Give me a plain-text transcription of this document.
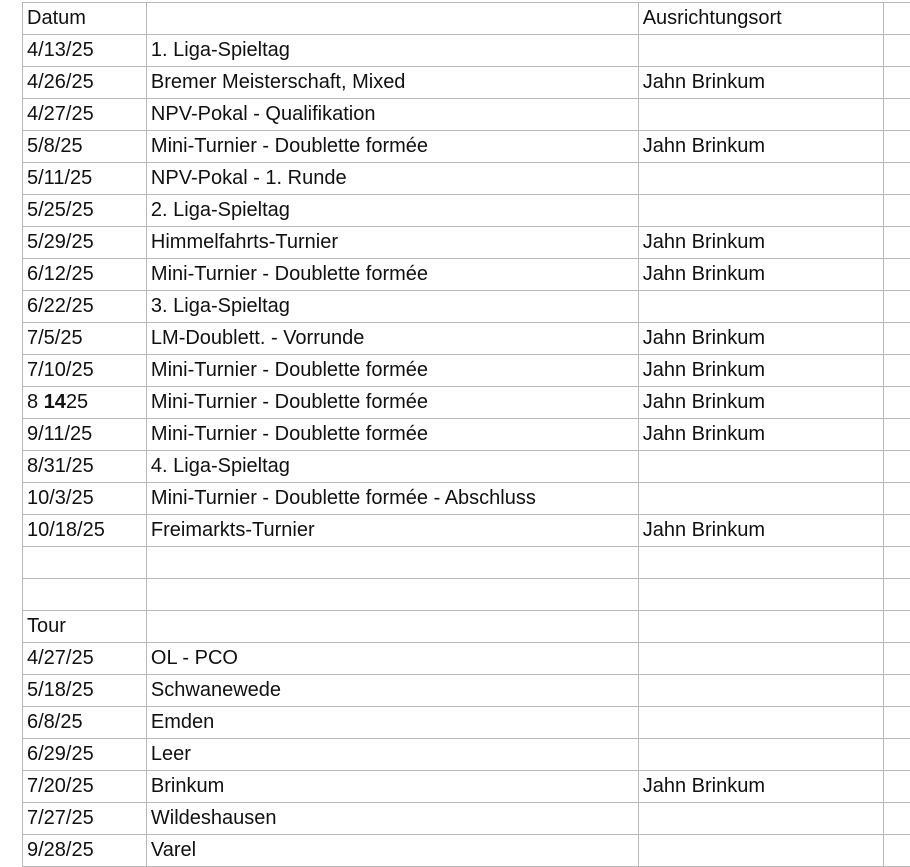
Datum		Ausrichtungsort	
4/13/25	1. Liga-Spieltag		
4/26/25	Bremer Meisterschaft, Mixed	Jahn Brinkum	
4/27/25	NPV-Pokal - Qualifikation		
5/8/25	Mini-Turnier - Doublette formée	Jahn Brinkum	
5/11/25	NPV-Pokal - 1. Runde		
5/25/25	2. Liga-Spieltag		
5/29/25	Himmelfahrts-Turnier	Jahn Brinkum	
6/12/25	Mini-Turnier - Doublette formée	Jahn Brinkum	
6/22/25	3. Liga-Spieltag		
7/5/25	LM-Doublett. - Vorrunde	Jahn Brinkum	
7/10/25	Mini-Turnier - Doublette formée	Jahn Brinkum	
8 1425	Mini-Turnier - Doublette formée	Jahn Brinkum	
9/11/25	Mini-Turnier - Doublette formée	Jahn Brinkum	
8/31/25	4. Liga-Spieltag		
10/3/25	Mini-Turnier - Doublette formée - Abschluss		
10/18/25	Freimarkts-Turnier	Jahn Brinkum	

Tour			
4/27/25	OL - PCO		
5/18/25	Schwanewede		
6/8/25	Emden		
6/29/25	Leer		
7/20/25	Brinkum	Jahn Brinkum	
7/27/25	Wildeshausen		
9/28/25	Varel		
